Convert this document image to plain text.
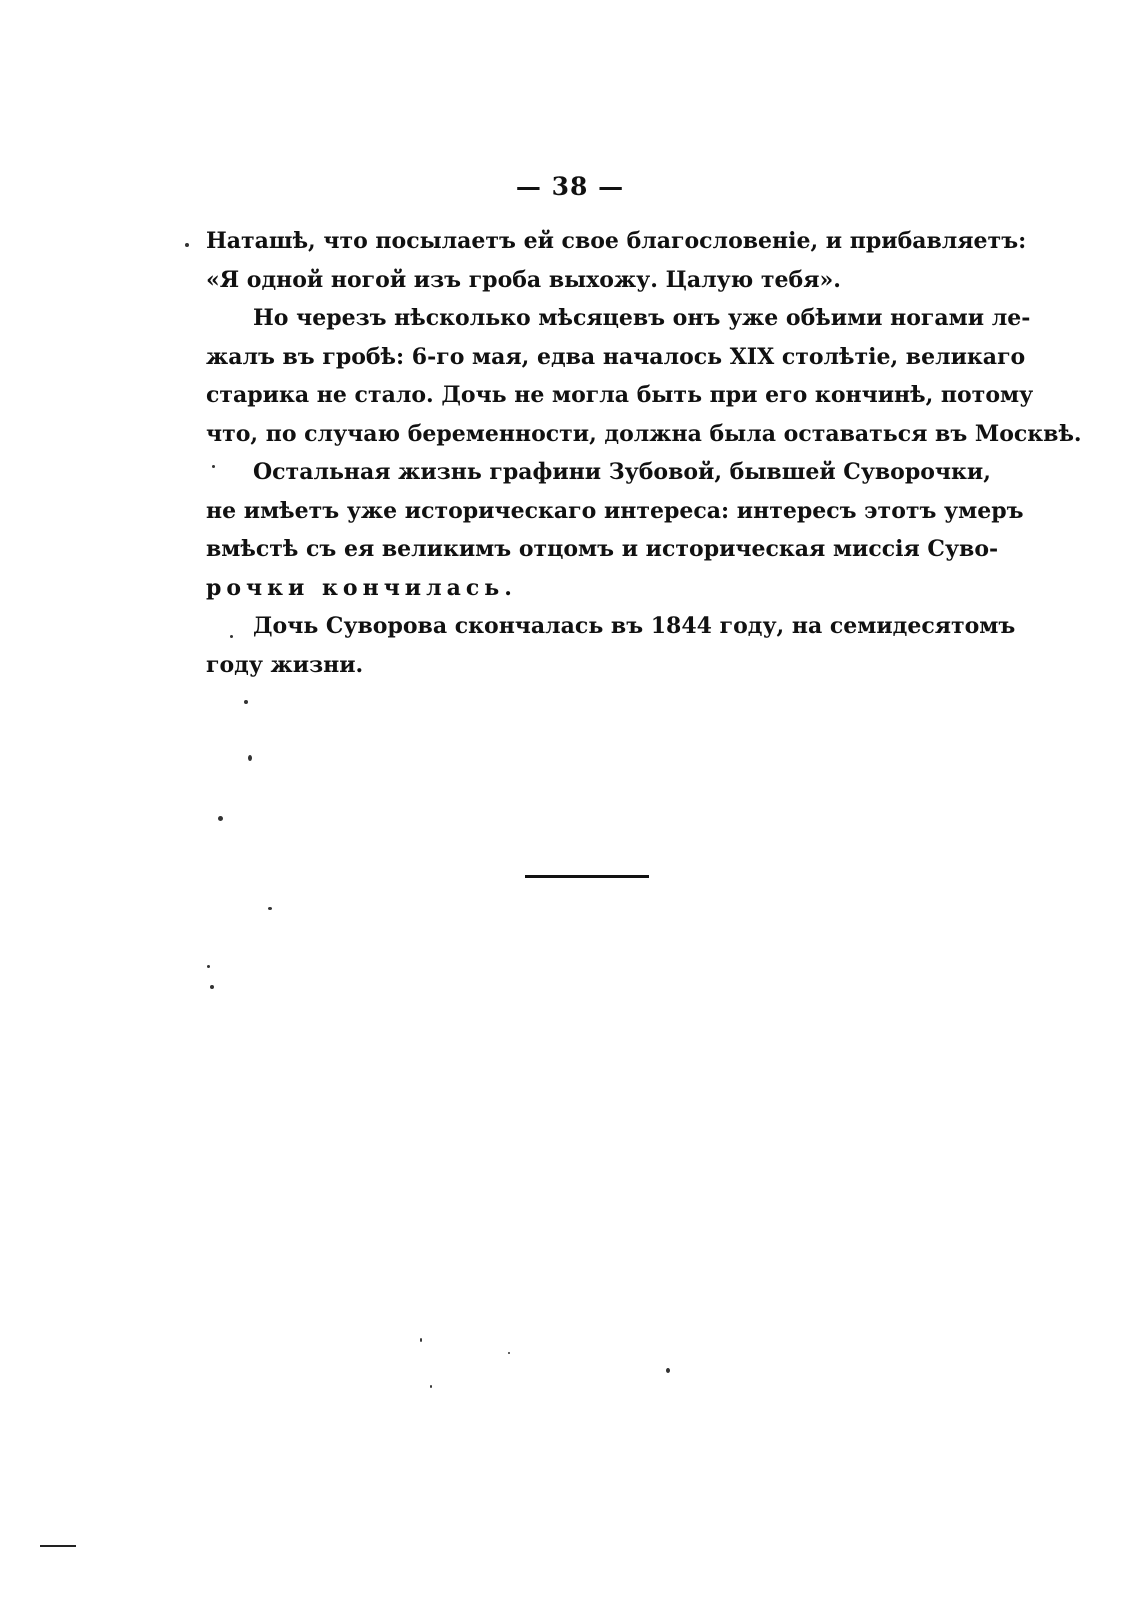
— 38 —
Наташѣ, что посылаетъ ей свое благословеніе, и прибавляетъ:
«Я одной ногой изъ гроба выхожу. Цалую тебя».
Но черезъ нѣсколько мѣсяцевъ онъ уже обѣими ногами ле-
жалъ въ гробѣ: 6-го мая, едва началось XIX столѣтіе, великаго
старика не стало. Дочь не могла быть при его кончинѣ, потому
что, по случаю беременности, должна была оставаться въ Москвѣ.
Остальная жизнь графини Зубовой, бывшей Суворочки,
не имѣетъ уже историческаго интереса: интересъ этотъ умеръ
вмѣстѣ съ ея великимъ отцомъ и историческая миссія Суво-
рочки кончилась.
Дочь Суворова скончалась въ 1844 году, на семидесятомъ
году жизни.
